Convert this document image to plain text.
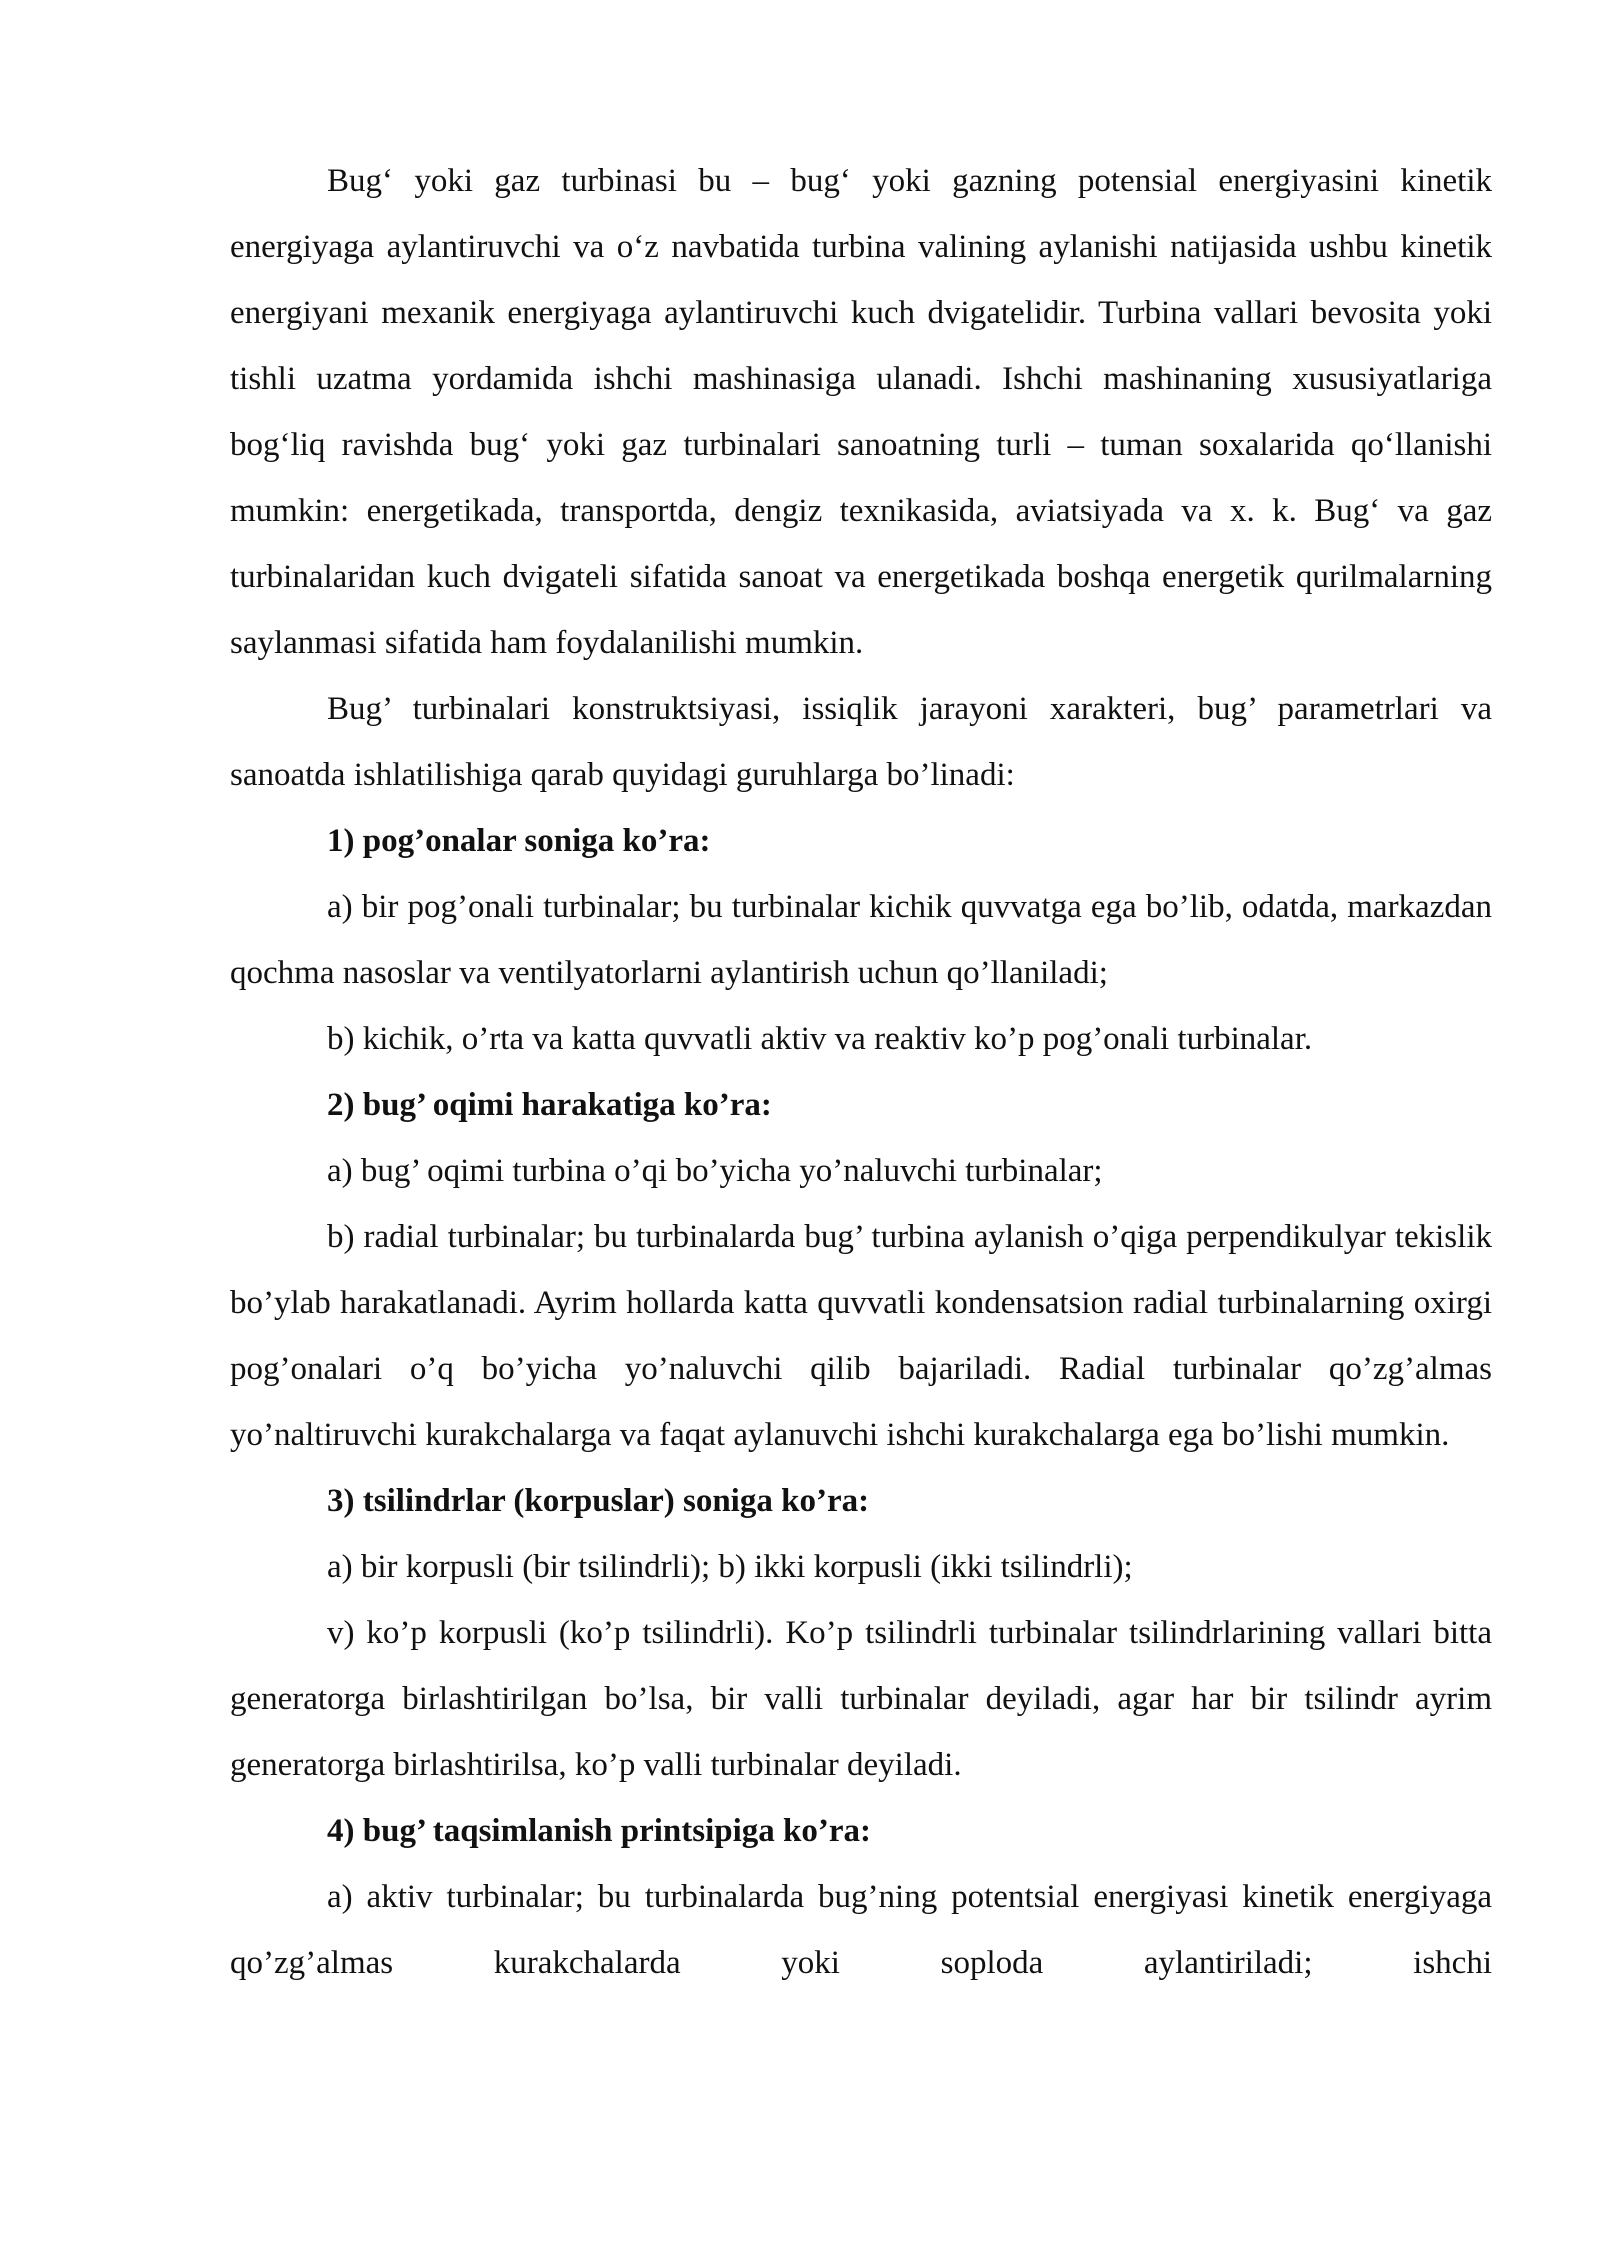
Bug‘ yoki gaz turbinasi bu – bug‘ yoki gazning potensial energiyasini kinetik energiyaga aylantiruvchi va o‘z navbatida turbina valining aylanishi natijasida ushbu kinetik energiyani mexanik energiyaga aylantiruvchi kuch dvigatelidir. Turbina vallari bevosita yoki tishli uzatma yordamida ishchi mashinasiga ulanadi. Ishchi mashinaning xususiyatlariga bog‘liq ravishda bug‘ yoki gaz turbinalari sanoatning turli – tuman soxalarida qo‘llanishi mumkin: energetikada, transportda, dengiz texnikasida, aviatsiyada va x. k. Bug‘ va gaz turbinalaridan kuch dvigateli sifatida sanoat va energetikada boshqa energetik qurilmalarning saylanmasi sifatida ham foydalanilishi mumkin.

Bug’ turbinalari konstruktsiyasi, issiqlik jarayoni xarakteri, bug’ parametrlari va sanoatda ishlatilishiga qarab quyidagi guruhlarga bo’linadi:

1) pog’onalar soniga ko’ra:

a) bir pog’onali turbinalar; bu turbinalar kichik quvvatga ega bo’lib, odatda, markazdan qochma nasoslar va ventilyatorlarni aylantirish uchun qo’llaniladi;

b) kichik, o’rta va katta quvvatli aktiv va reaktiv ko’p pog’onali turbinalar.

2) bug’ oqimi harakatiga ko’ra:

a) bug’ oqimi turbina o’qi bo’yicha yo’naluvchi turbinalar;

b) radial turbinalar; bu turbinalarda bug’ turbina aylanish o’qiga perpendikulyar tekislik bo’ylab harakatlanadi. Ayrim hollarda katta quvvatli kondensatsion radial turbinalarning oxirgi pog’onalari o’q bo’yicha yo’naluvchi qilib bajariladi. Radial turbinalar qo’zg’almas yo’naltiruvchi kurakchalarga va faqat aylanuvchi ishchi kurakchalarga ega bo’lishi mumkin.

3) tsilindrlar (korpuslar) soniga ko’ra:

a) bir korpusli (bir tsilindrli); b) ikki korpusli (ikki tsilindrli);

v) ko’p korpusli (ko’p tsilindrli). Ko’p tsilindrli turbinalar tsilindrlarining vallari bitta generatorga birlashtirilgan bo’lsa, bir valli turbinalar deyiladi, agar har bir tsilindr ayrim generatorga birlashtirilsa, ko’p valli turbinalar deyiladi.

4) bug’ taqsimlanish printsipiga ko’ra:

a) aktiv turbinalar; bu turbinalarda bug’ning potentsial energiyasi kinetik energiyaga qo’zg’almas kurakchalarda yoki soploda aylantiriladi; ishchi
